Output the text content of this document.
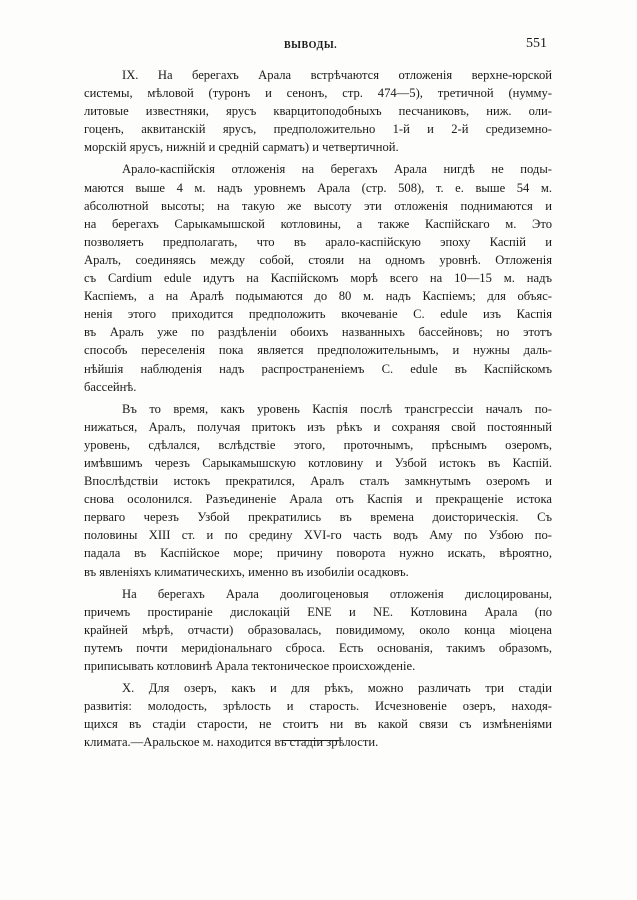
ВЫВОДЫ.	551

IX. На берегахъ Арала встрѣчаются отложенія верхне-юрской
системы, мѣловой (туронъ и сенонъ, стр. 474—5), третичной (нумму-
литовые известняки, ярусъ кварцитоподобныхъ песчаниковъ, ниж. оли-
гоценъ, аквитанскій ярусъ, предположительно 1-й и 2-й средиземно-
морскій ярусъ, нижній и средній сарматъ) и четвертичной.

Арало-каспійскія отложенія на берегахъ Арала нигдѣ не поды-
маются выше 4 м. надъ уровнемъ Арала (стр. 508), т. е. выше 54 м.
абсолютной высоты; на такую же высоту эти отложенія поднимаются и
на берегахъ Сарыкамышской котловины, а также Каспійскаго м. Это
позволяетъ предполагать, что въ арало-каспійскую эпоху Каспій и
Аралъ, соединяясь между собой, стояли на одномъ уровнѣ. Отложенія
съ Cardium edule идутъ на Каспійскомъ морѣ всего на 10—15 м. надъ
Каспіемъ, а на Аралѣ подымаются до 80 м. надъ Каспіемъ; для объяс-
ненія этого приходится предположить вкочеваніе C. edule изъ Каспія
въ Аралъ уже по раздѣленіи обоихъ названныхъ бассейновъ; но этотъ
способъ переселенія пока является предположительнымъ, и нужны даль-
нѣйшія наблюденія надъ распространеніемъ C. edule въ Каспійскомъ
бассейнѣ.

Въ то время, какъ уровень Каспія послѣ трансгрессіи началъ по-
нижаться, Аралъ, получая притокъ изъ рѣкъ и сохраняя свой постоянный
уровень, сдѣлался, вслѣдствіе этого, проточнымъ, прѣснымъ озеромъ,
имѣвшимъ черезъ Сарыкамышскую котловину и Узбой истокъ въ Каспій.
Впослѣдствіи истокъ прекратился, Аралъ сталъ замкнутымъ озеромъ и
снова осолонился. Разъединеніе Арала отъ Каспія и прекращеніе истока
перваго черезъ Узбой прекратились въ времена доисторическія. Съ
половины XIII ст. и по средину XVI-го часть водъ Аму по Узбою по-
падала въ Каспійское море; причину поворота нужно искать, вѣроятно,
въ явленіяхъ климатическихъ, именно въ изобиліи осадковъ.

На берегахъ Арала доолигоценовыя отложенія дислоцированы,
причемъ простираніе дислокацій ENE и NE. Котловина Арала (по
крайней мѣрѣ, отчасти) образовалась, повидимому, около конца міоцена
путемъ почти меридіональнаго сброса. Есть основанія, такимъ образомъ,
приписывать котловинѣ Арала тектоническое происхожденіе.

X. Для озеръ, какъ и для рѣкъ, можно различать три стадіи
развитія: молодость, зрѣлость и старость. Исчезновеніе озеръ, находя-
щихся въ стадіи старости, не стоитъ ни въ какой связи съ измѣненіями
климата.—Аральское м. находится въ стадіи зрѣлости.
